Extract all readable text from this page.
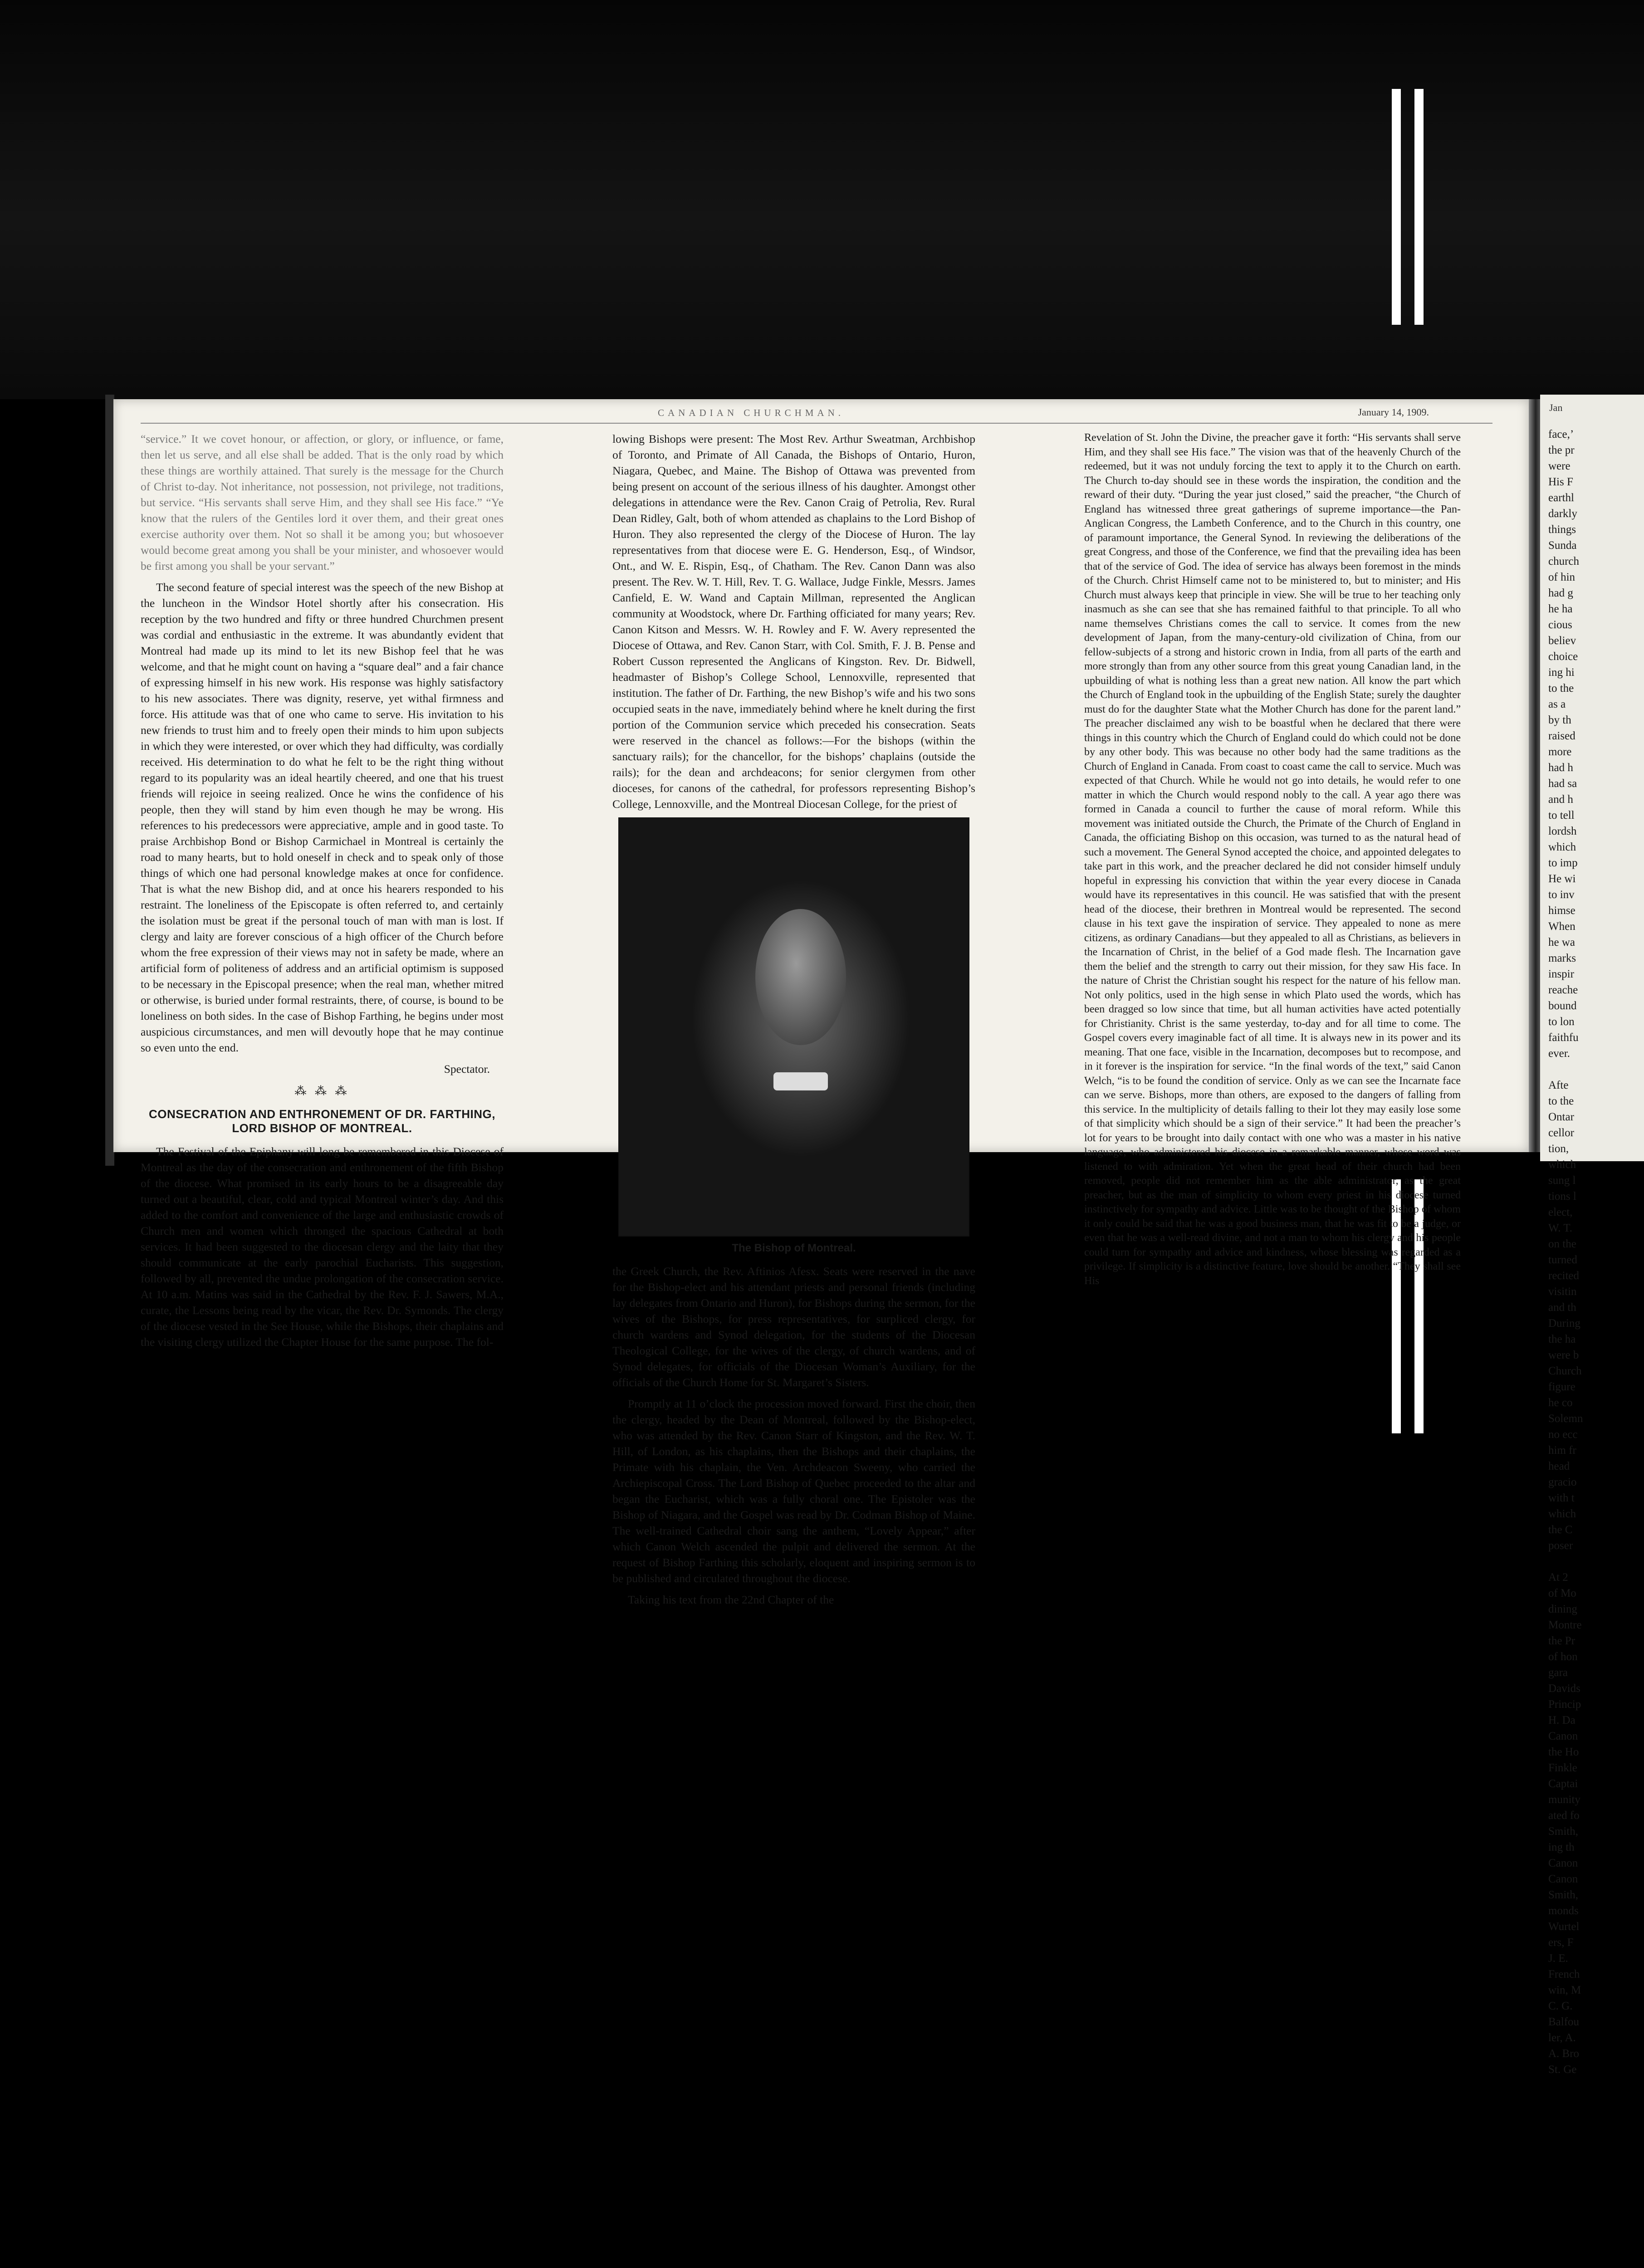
CANADIAN CHURCHMAN.	January 14, 1909.

“service.” It we covet honour, or affection, or glory, or influence, or fame, then let us serve, and all else shall be added. That is the only road by which these things are worthily attained. That surely is the message for the Church of Christ to-day. Not inheritance, not possession, not privilege, not traditions, but service. “His servants shall serve Him, and they shall see His face.” “Ye know that the rulers of the Gentiles lord it over them, and their great ones exercise authority over them. Not so shall it be among you; but whosoever would become great among you shall be your minister, and whosoever would be first among you shall be your servant.”

The second feature of special interest was the speech of the new Bishop at the luncheon in the Windsor Hotel shortly after his consecration. His reception by the two hundred and fifty or three hundred Churchmen present was cordial and enthusiastic in the extreme. It was abundantly evident that Montreal had made up its mind to let its new Bishop feel that he was welcome, and that he might count on having a “square deal” and a fair chance of expressing himself in his new work. His response was highly satisfactory to his new associates. There was dignity, reserve, yet withal firmness and force. His attitude was that of one who came to serve. His invitation to his new friends to trust him and to freely open their minds to him upon subjects in which they were interested, or over which they had difficulty, was cordially received. His determination to do what he felt to be the right thing without regard to its popularity was an ideal heartily cheered, and one that his truest friends will rejoice in seeing realized. Once he wins the confidence of his people, then they will stand by him even though he may be wrong. His references to his predecessors were appreciative, ample and in good taste. To praise Archbishop Bond or Bishop Carmichael in Montreal is certainly the road to many hearts, but to hold oneself in check and to speak only of those things of which one had personal knowledge makes at once for confidence. That is what the new Bishop did, and at once his hearers responded to his restraint. The loneliness of the Episcopate is often referred to, and certainly the isolation must be great if the personal touch of man with man is lost. If clergy and laity are forever conscious of a high officer of the Church before whom the free expression of their views may not in safety be made, where an artificial form of politeness of address and an artificial optimism is supposed to be necessary in the Episcopal presence; when the real man, whether mitred or otherwise, is buried under formal restraints, there, of course, is bound to be loneliness on both sides. In the case of Bishop Farthing, he begins under most auspicious circumstances, and men will devoutly hope that he may continue so even unto the end.

Spectator.
⁂ ⁂ ⁂
CONSECRATION AND ENTHRONEMENT OF DR. FARTHING, LORD BISHOP OF MONTREAL.

The Festival of the Epiphany will long be remembered in this Diocese of Montreal as the day of the consecration and enthronement of the fifth Bishop of the diocese. What promised in its early hours to be a disagreeable day turned out a beautiful, clear, cold and typical Montreal winter’s day. And this added to the comfort and convenience of the large and enthusiastic crowds of Church men and women which thronged the spacious Cathedral at both services. It had been suggested to the diocesan clergy and the laity that they should communicate at the early parochial Eucharists. This suggestion, followed by all, prevented the undue prolongation of the consecration service. At 10 a.m. Matins was said in the Cathedral by the Rev. F. J. Sawers, M.A., curate, the Lessons being read by the vicar, the Rev. Dr. Symonds. The clergy of the diocese vested in the See House, while the Bishops, their chaplains and the visiting clergy utilized the Chapter House for the same purpose. The fol-

lowing Bishops were present: The Most Rev. Arthur Sweatman, Archbishop of Toronto, and Primate of All Canada, the Bishops of Ontario, Huron, Niagara, Quebec, and Maine. The Bishop of Ottawa was prevented from being present on account of the serious illness of his daughter. Amongst other delegations in attendance were the Rev. Canon Craig of Petrolia, Rev. Rural Dean Ridley, Galt, both of whom attended as chaplains to the Lord Bishop of Huron. They also represented the clergy of the Diocese of Huron. The lay representatives from that diocese were E. G. Henderson, Esq., of Windsor, Ont., and W. E. Rispin, Esq., of Chatham. The Rev. Canon Dann was also present. The Rev. W. T. Hill, Rev. T. G. Wallace, Judge Finkle, Messrs. James Canfield, E. W. Wand and Captain Millman, represented the Anglican community at Woodstock, where Dr. Farthing officiated for many years; Rev. Canon Kitson and Messrs. W. H. Rowley and F. W. Avery represented the Diocese of Ottawa, and Rev. Canon Starr, with Col. Smith, F. J. B. Pense and Robert Cusson represented the Anglicans of Kingston. Rev. Dr. Bidwell, headmaster of Bishop’s College School, Lennoxville, represented that institution. The father of Dr. Farthing, the new Bishop’s wife and his two sons occupied seats in the nave, immediately behind where he knelt during the first portion of the Communion service which preceded his consecration. Seats were reserved in the chancel as follows:—For the bishops (within the sanctuary rails); for the chancellor, for the bishops’ chaplains (outside the rails); for the dean and archdeacons; for senior clergymen from other dioceses, for canons of the cathedral, for professors representing Bishop’s College, Lennoxville, and the Montreal Diocesan College, for the priest of

The Bishop of Montreal.

the Greek Church, the Rev. Aftinios Afesx. Seats were reserved in the nave for the Bishop-elect and his attendant priests and personal friends (including lay delegates from Ontario and Huron), for Bishops during the sermon, for the wives of the Bishops, for press representatives, for surpliced clergy, for church wardens and Synod delegation, for the students of the Diocesan Theological College, for the wives of the clergy, of church wardens, and of Synod delegates, for officials of the Diocesan Woman’s Auxiliary, for the officials of the Church Home for St. Margaret’s Sisters.

Promptly at 11 o’clock the procession moved forward. First the choir, then the clergy, headed by the Dean of Montreal, followed by the Bishop-elect, who was attended by the Rev. Canon Starr of Kingston, and the Rev. W. T. Hill, of London, as his chaplains, then the Bishops and their chaplains, the Primate with his chaplain, the Ven. Archdeacon Sweeny, who carried the Archiepiscopal Cross. The Lord Bishop of Quebec proceeded to the altar and began the Eucharist, which was a fully choral one. The Epistoler was the Bishop of Niagara, and the Gospel was read by Dr. Codman Bishop of Maine. The well-trained Cathedral choir sang the anthem, “Lovely Appear,” after which Canon Welch ascended the pulpit and delivered the sermon. At the request of Bishop Farthing this scholarly, eloquent and inspiring sermon is to be published and circulated throughout the diocese.

Taking his text from the 22nd Chapter of the

Revelation of St. John the Divine, the preacher gave it forth: “His servants shall serve Him, and they shall see His face.” The vision was that of the heavenly Church of the redeemed, but it was not unduly forcing the text to apply it to the Church on earth. The Church to-day should see in these words the inspiration, the condition and the reward of their duty. “During the year just closed,” said the preacher, “the Church of England has witnessed three great gatherings of supreme importance—the Pan-Anglican Congress, the Lambeth Conference, and to the Church in this country, one of paramount importance, the General Synod. In reviewing the deliberations of the great Congress, and those of the Conference, we find that the prevailing idea has been that of the service of God. The idea of service has always been foremost in the minds of the Church. Christ Himself came not to be ministered to, but to minister; and His Church must always keep that principle in view. She will be true to her teaching only inasmuch as she can see that she has remained faithful to that principle. To all who name themselves Christians comes the call to service. It comes from the new development of Japan, from the many-century-old civilization of China, from our fellow-subjects of a strong and historic crown in India, from all parts of the earth and more strongly than from any other source from this great young Canadian land, in the upbuilding of what is nothing less than a great new nation. All know the part which the Church of England took in the upbuilding of the English State; surely the daughter must do for the daughter State what the Mother Church has done for the parent land.” The preacher disclaimed any wish to be boastful when he declared that there were things in this country which the Church of England could do which could not be done by any other body. This was because no other body had the same traditions as the Church of England in Canada. From coast to coast came the call to service. Much was expected of that Church. While he would not go into details, he would refer to one matter in which the Church would respond nobly to the call. A year ago there was formed in Canada a council to further the cause of moral reform. While this movement was initiated outside the Church, the Primate of the Church of England in Canada, the officiating Bishop on this occasion, was turned to as the natural head of such a movement. The General Synod accepted the choice, and appointed delegates to take part in this work, and the preacher declared he did not consider himself unduly hopeful in expressing his conviction that within the year every diocese in Canada would have its representatives in this council. He was satisfied that with the present head of the diocese, their brethren in Montreal would be represented. The second clause in his text gave the inspiration of service. They appealed to none as mere citizens, as ordinary Canadians—but they appealed to all as Christians, as believers in the Incarnation of Christ, in the belief of a God made flesh. The Incarnation gave them the belief and the strength to carry out their mission, for they saw His face. In the nature of Christ the Christian sought his respect for the nature of his fellow man. Not only politics, used in the high sense in which Plato used the words, which has been dragged so low since that time, but all human activities have acted potentially for Christianity. Christ is the same yesterday, to-day and for all time to come. The Gospel covers every imaginable fact of all time. It is always new in its power and its meaning. That one face, visible in the Incarnation, decomposes but to recompose, and in it forever is the inspiration for service. “In the final words of the text,” said Canon Welch, “is to be found the condition of service. Only as we can see the Incarnate face can we serve. Bishops, more than others, are exposed to the dangers of falling from this service. In the multiplicity of details falling to their lot they may easily lose some of that simplicity which should be a sign of their service.” It had been the preacher’s lot for years to be brought into daily contact with one who was a master in his native language, who administered his diocese in a remarkable manner, whose word was listened to with admiration. Yet when the great head of their church had been removed, people did not remember him as the able administrator, as the great preacher, but as the man of simplicity to whom every priest in his diocese turned instinctively for sympathy and advice. Little was to be thought of the Bishop of whom it only could be said that he was a good business man, that he was fit to be a judge, or even that he was a well-read divine, and not a man to whom his clergy and his people could turn for sympathy and advice and kindness, whose blessing was regarded as a privilege. If simplicity is a distinctive feature, love should be another. “They shall see His

Jan
face,’
the pr
were
His F
earthl
darkly
things
Sunda
church
of hin
had g
he ha
cious
believ
choice
ing hi
to the
as a
by th
raised
more
had h
had sa
and h
to tell
lordsh
which
to imp
He wi
to inv
himse
When
he wa
marks
inspir
reache
bound
to lon
faithfu
ever.

Afte
to the
Ontar
cellor
tion,
which
sung l
tions l
elect,
W. T.
on the
turned
recited
visitin
and th
During
the ha
were b
Church
figure
he co
Solemn
no ecc
him fr
head
gracio
with t
which
the C
poser

At 2
of Mo
dining
Montre
the Pr
of hon
gara
Davids
Princip
H. Da
Canon
the Ho
Finkle
Captai
munity
ated fo
Smith,
ing th
Canon
Canon
Smith,
monds
Wurtel
ers, F
J. E.
French
win, M
C. G.
Balfou
ler, A.
A. Bro
St. Ge
